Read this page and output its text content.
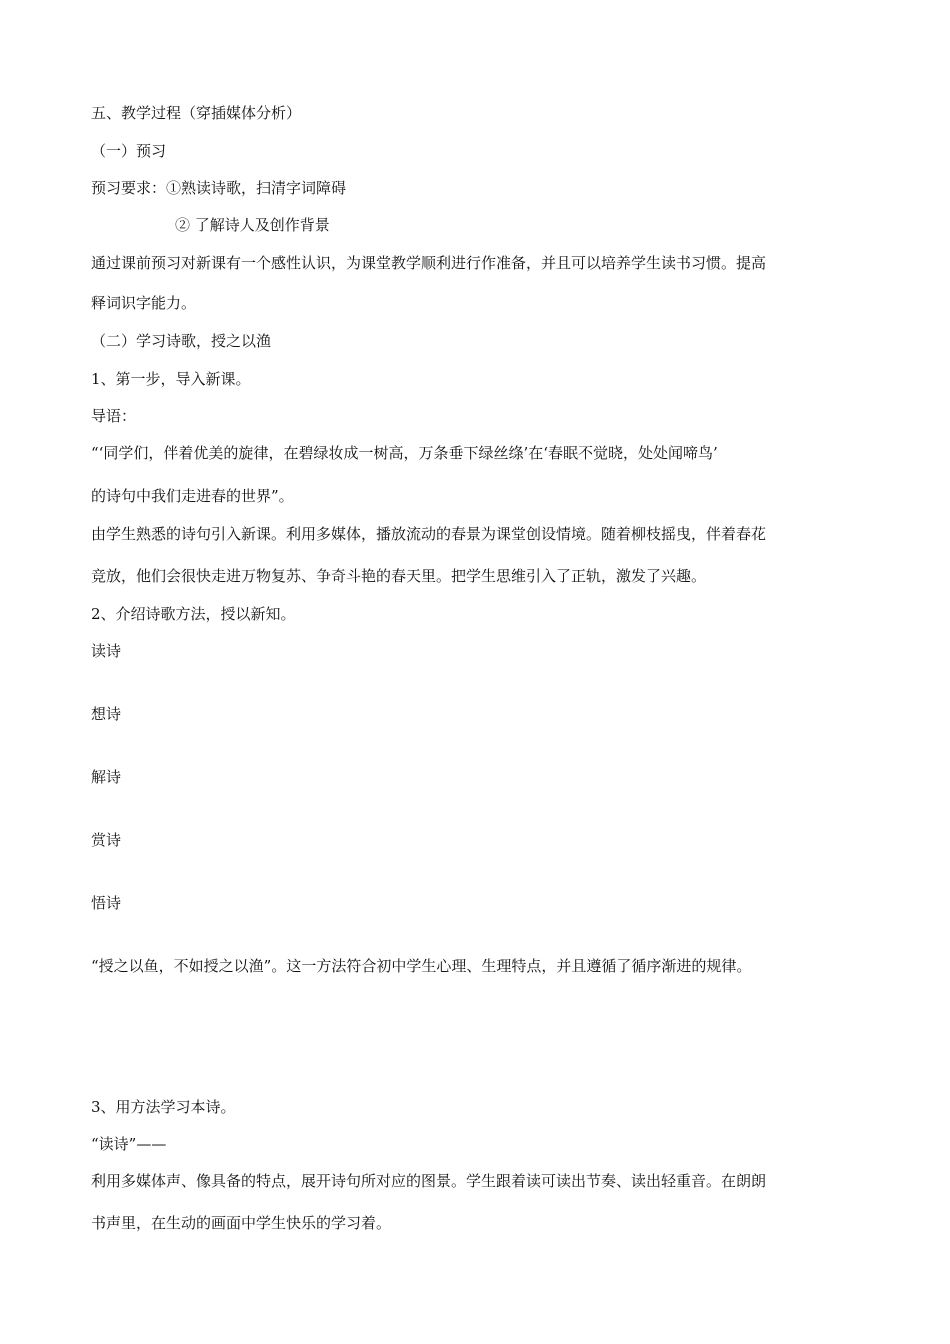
五、教学过程（穿插媒体分析）
（一）预习
预习要求：①熟读诗歌，扫清字词障碍
② 了解诗人及创作背景
通过课前预习对新课有一个感性认识，为课堂教学顺利进行作准备，并且可以培养学生读书习惯。提高
释词识字能力。
（二）学习诗歌，授之以渔
1、第一步，导入新课。
导语：
“‘同学们，伴着优美的旋律，在碧绿妆成一树高，万条垂下绿丝绦’在‘春眠不觉晓，处处闻啼鸟’
的诗句中我们走进春的世界”。
由学生熟悉的诗句引入新课。利用多媒体，播放流动的春景为课堂创设情境。随着柳枝摇曳，伴着春花
竞放，他们会很快走进万物复苏、争奇斗艳的春天里。把学生思维引入了正轨，激发了兴趣。
2、介绍诗歌方法，授以新知。
读诗
想诗
解诗
赏诗
悟诗
“授之以鱼，不如授之以渔”。这一方法符合初中学生心理、生理特点，并且遵循了循序渐进的规律。
3、用方法学习本诗。
“读诗”——
利用多媒体声、像具备的特点，展开诗句所对应的图景。学生跟着读可读出节奏、读出轻重音。在朗朗
书声里，在生动的画面中学生快乐的学习着。
